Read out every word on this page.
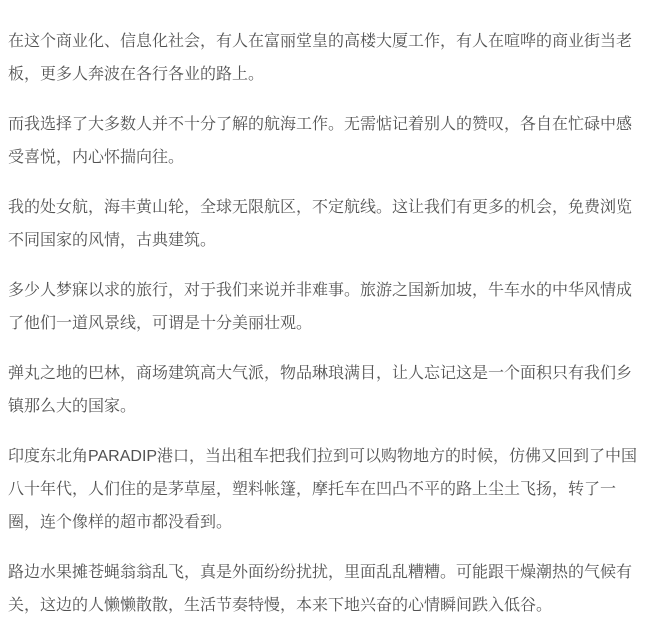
在这个商业化、信息化社会，有人在富丽堂皇的高楼大厦工作，有人在喧哗的商业街当老板，更多人奔波在各行各业的路上。

而我选择了大多数人并不十分了解的航海工作。无需惦记着别人的赞叹，各自在忙碌中感受喜悦，内心怀揣向往。

我的处女航，海丰黄山轮，全球无限航区，不定航线。这让我们有更多的机会，免费浏览不同国家的风情，古典建筑。

多少人梦寐以求的旅行，对于我们来说并非难事。旅游之国新加坡，牛车水的中华风情成了他们一道风景线，可谓是十分美丽壮观。

弹丸之地的巴林，商场建筑高大气派，物品琳琅满目，让人忘记这是一个面积只有我们乡镇那么大的国家。

印度东北角PARADIP港口，当出租车把我们拉到可以购物地方的时候，仿佛又回到了中国八十年代，人们住的是茅草屋，塑料帐篷，摩托车在凹凸不平的路上尘土飞扬，转了一圈，连个像样的超市都没看到。

路边水果摊苍蝇翁翁乱飞，真是外面纷纷扰扰，里面乱乱糟糟。可能跟干燥潮热的气候有关，这边的人懒懒散散，生活节奏特慢，本来下地兴奋的心情瞬间跌入低谷。
